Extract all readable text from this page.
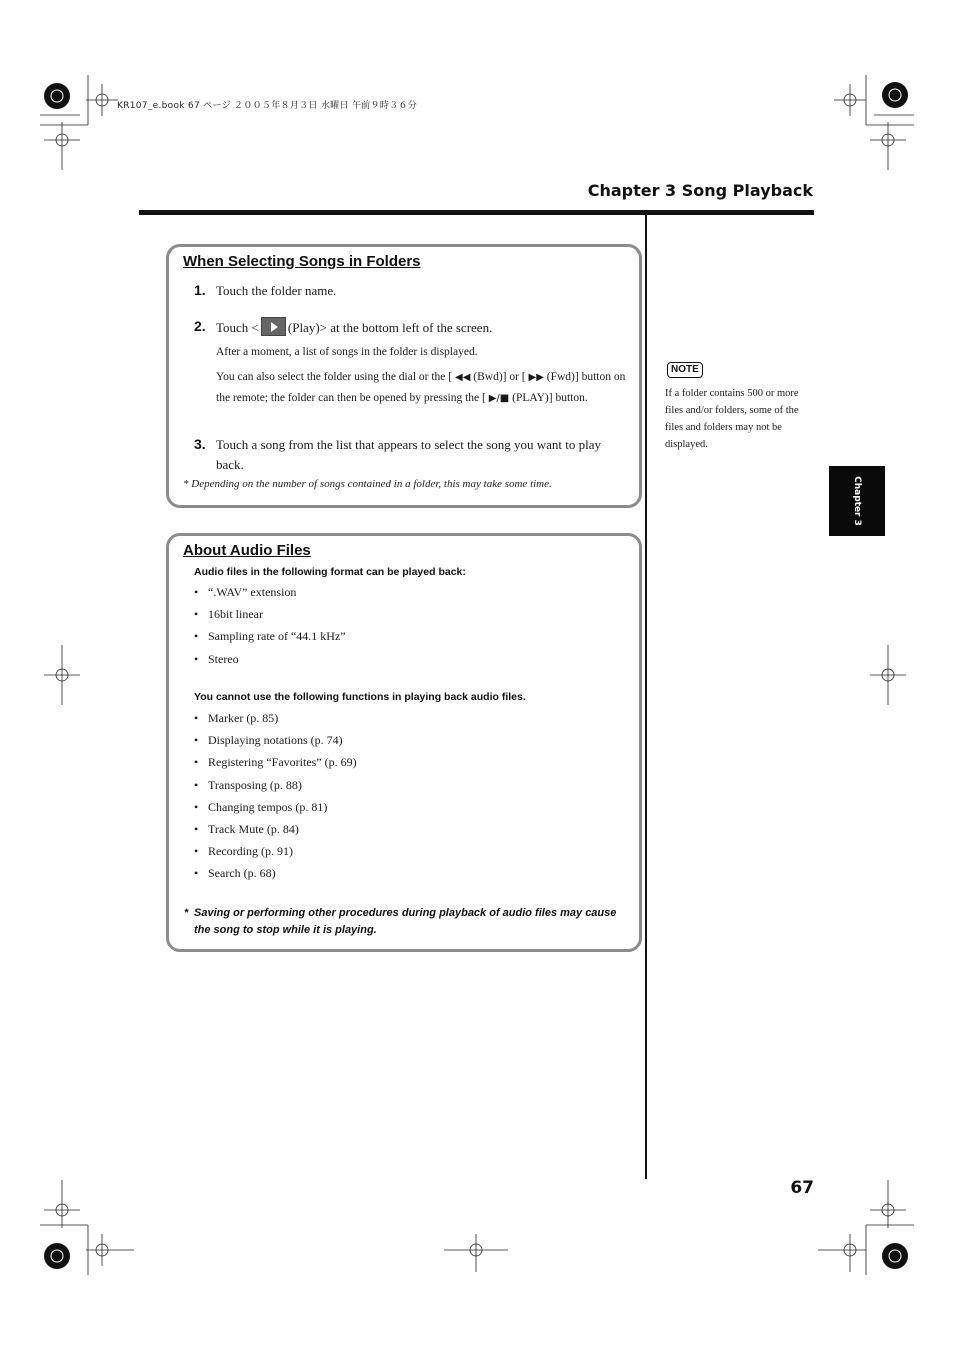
KR107_e.book 67 ページ ２００５年８月３日 水曜日 午前９時３６分
Chapter 3 Song Playback
When Selecting Songs in Folders
1. Touch the folder name.
2. Touch < (Play)> at the bottom left of the screen.
After a moment, a list of songs in the folder is displayed.
You can also select the folder using the dial or the [ ◀◀ (Bwd)] or [ ▶▶ (Fwd)] button on the remote; the folder can then be opened by pressing the [ ▶/■ (PLAY)] button.
3. Touch a song from the list that appears to select the song you want to play back.
* Depending on the number of songs contained in a folder, this may take some time.
About Audio Files
Audio files in the following format can be played back:
• “.WAV” extension
• 16bit linear
• Sampling rate of “44.1 kHz”
• Stereo
You cannot use the following functions in playing back audio files.
• Marker (p. 85)
• Displaying notations (p. 74)
• Registering “Favorites” (p. 69)
• Transposing (p. 88)
• Changing tempos (p. 81)
• Track Mute (p. 84)
• Recording (p. 91)
• Search (p. 68)
* Saving or performing other procedures during playback of audio files may cause the song to stop while it is playing.
NOTE
If a folder contains 500 or more files and/or folders, some of the files and folders may not be displayed.
Chapter 3
67
